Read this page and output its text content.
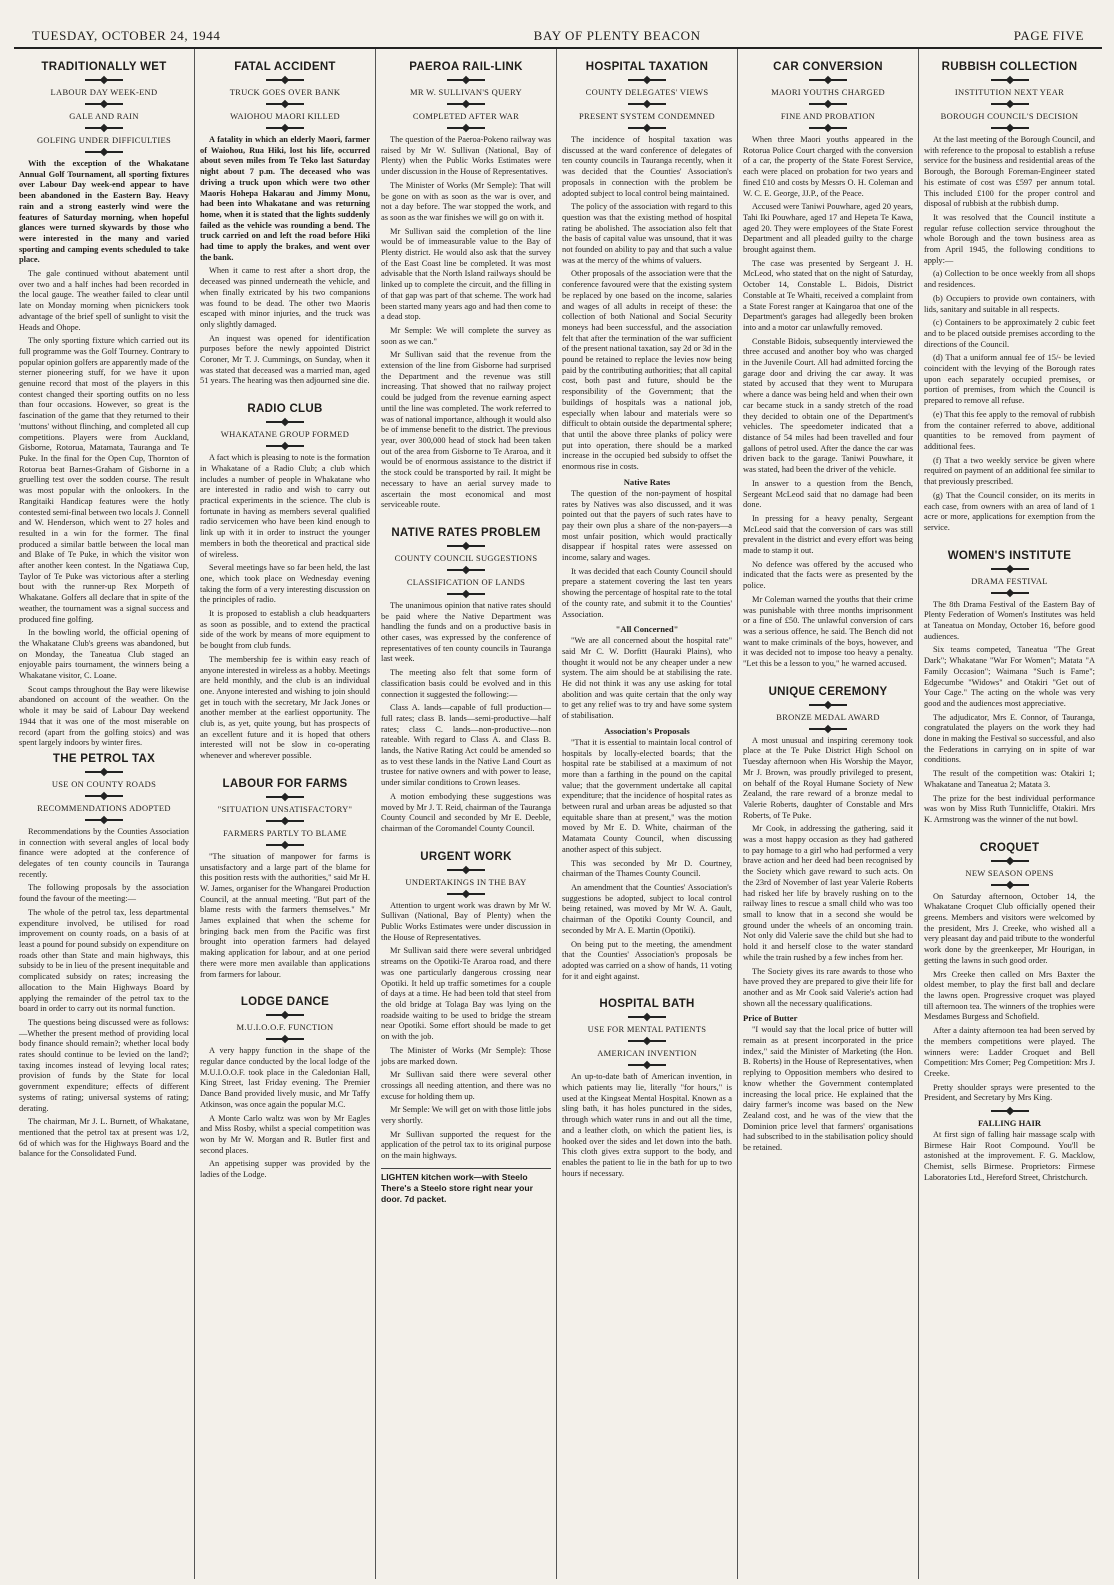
TUESDAY, OCTOBER 24, 1944	BAY OF PLENTY BEACON	PAGE FIVE
TRADITIONALLY WET
LABOUR DAY WEEK-END
GALE AND RAIN
GOLFING UNDER DIFFICULTIES

With the exception of the Whakatane Annual Golf Tournament, all sporting fixtures over Labour Day week-end appear to have been abandoned in the Eastern Bay. Heavy rain and a strong easterly wind were the features of Saturday morning, when hopeful glances were turned skywards by those who were interested in the many and varied sporting and camping events scheduled to take place.

The gale continued without abatement until over two and a half inches had been recorded in the local gauge. The weather failed to clear until late on Monday morning when picnickers took advantage of the brief spell of sunlight to visit the Heads and Ohope.

The only sporting fixture which carried out its full programme was the Golf Tourney. Contrary to popular opinion golfers are apparently made of the sterner pioneering stuff, for we have it upon genuine record that most of the players in this contest changed their sporting outfits on no less than four occasions. However, so great is the fascination of the game that they returned to their 'muttons' without flinching, and completed all cup competitions. Players were from Auckland, Gisborne, Rotorua, Matamata, Tauranga and Te Puke. In the final for the Open Cup, Thornton of Rotorua beat Barnes-Graham of Gisborne in a gruelling test over the sodden course. The result was most popular with the onlookers. In the Rangitaiki Handicap features were the hotly contested semi-final between two locals J. Connell and W. Henderson, which went to 27 holes and resulted in a win for the former. The final produced a similar battle between the local man and Blake of Te Puke, in which the visitor won after another keen contest. In the Ngatiawa Cup, Taylor of Te Puke was victorious after a sterling bout with the runner-up Rex Morpeth of Whakatane. Golfers all declare that in spite of the weather, the tournament was a signal success and produced fine golfing.

In the bowling world, the official opening of the Whakatane Club's greens was abandoned, but on Monday, the Taneatua Club staged an enjoyable pairs tournament, the winners being a Whakatane visitor, C. Loane.

Scout camps throughout the Bay were likewise abandoned on account of the weather. On the whole it may be said of Labour Day weekend 1944 that it was one of the most miserable on record (apart from the golfing stoics) and was spent largely indoors by winter fires.

THE PETROL TAX
USE ON COUNTY ROADS
RECOMMENDATIONS ADOPTED

Recommendations by the Counties Association in connection with several angles of local body finance were adopted at the conference of delegates of ten county councils in Tauranga recently.

The following proposals by the association found the favour of the meeting:—

The whole of the petrol tax, less departmental expenditure involved, be utilised for road improvement on county roads, on a basis of at least a pound for pound subsidy on expenditure on roads other than State and main highways, this subsidy to be in lieu of the present inequitable and complicated subsidy on rates; increasing the allocation to the Main Highways Board by applying the remainder of the petrol tax to the board in order to carry out its normal function.

The questions being discussed were as follows:—Whether the present method of providing local body finance should remain?; whether local body rates should continue to be levied on the land?; taxing incomes instead of levying local rates; provision of funds by the State for local government expenditure; effects of different systems of rating; universal systems of rating; derating.

The chairman, Mr J. L. Burnett, of Whakatane, mentioned that the petrol tax at present was 1/2, 6d of which was for the Highways Board and the balance for the Consolidated Fund.

FATAL ACCIDENT
TRUCK GOES OVER BANK
WAIOHOU MAORI KILLED

A fatality in which an elderly Maori, farmer of Waiohou, Rua Hiki, lost his life, occurred about seven miles from Te Teko last Saturday night about 7 p.m. The deceased who was driving a truck upon which were two other Maoris Hohepa Hakarau and Jimmy Monu, had been into Whakatane and was returning home, when it is stated that the lights suddenly failed as the vehicle was rounding a bend. The truck carried on and left the road before Hiki had time to apply the brakes, and went over the bank.

When it came to rest after a short drop, the deceased was pinned underneath the vehicle, and when finally extricated by his two companions was found to be dead. The other two Maoris escaped with minor injuries, and the truck was only slightly damaged.

An inquest was opened for identification purposes before the newly appointed District Coroner, Mr T. J. Cummings, on Sunday, when it was stated that deceased was a married man, aged 51 years. The hearing was then adjourned sine die.

RADIO CLUB
WHAKATANE GROUP FORMED

A fact which is pleasing to note is the formation in Whakatane of a Radio Club; a club which includes a number of people in Whakatane who are interested in radio and wish to carry out practical experiments in the science. The club is fortunate in having as members several qualified radio servicemen who have been kind enough to link up with it in order to instruct the younger members in both the theoretical and practical side of wireless.

Several meetings have so far been held, the last one, which took place on Wednesday evening taking the form of a very interesting discussion on the principles of radio.

It is proposed to establish a club headquarters as soon as possible, and to extend the practical side of the work by means of more equipment to be bought from club funds.

The membership fee is within easy reach of anyone interested in wireless as a hobby. Meetings are held monthly, and the club is an individual one. Anyone interested and wishing to join should get in touch with the secretary, Mr Jack Jones or another member at the earliest opportunity. The club is, as yet, quite young, but has prospects of an excellent future and it is hoped that others interested will not be slow in co-operating whenever and wherever possible.

LABOUR FOR FARMS
"SITUATION UNSATISFACTORY"
FARMERS PARTLY TO BLAME

"The situation of manpower for farms is unsatisfactory and a large part of the blame for this position rests with the authorities," said Mr H. W. James, organiser for the Whangarei Production Council, at the annual meeting. "But part of the blame rests with the farmers themselves." Mr James explained that when the scheme for bringing back men from the Pacific was first brought into operation farmers had delayed making application for labour, and at one period there were more men available than applications from farmers for labour.

LODGE DANCE
M.U.I.O.O.F. FUNCTION

A very happy function in the shape of the regular dance conducted by the local lodge of the M.U.I.O.O.F. took place in the Caledonian Hall, King Street, last Friday evening. The Premier Dance Band provided lively music, and Mr Taffy Atkinson, was once again the popular M.C.

A Monte Carlo waltz was won by Mr Eagles and Miss Rosby, whilst a special competition was won by Mr W. Morgan and R. Butler first and second places.

An appetising supper was provided by the ladies of the Lodge.

PAEROA RAIL-LINK
MR W. SULLIVAN'S QUERY
COMPLETED AFTER WAR

The question of the Paeroa-Pokeno railway was raised by Mr W. Sullivan (National, Bay of Plenty) when the Public Works Estimates were under discussion in the House of Representatives.

The Minister of Works (Mr Semple): That will be gone on with as soon as the war is over, and not a day before. The war stopped the work, and as soon as the war finishes we will go on with it.

Mr Sullivan said the completion of the line would be of immeasurable value to the Bay of Plenty district. He would also ask that the survey of the East Coast line be completed. It was most advisable that the North Island railways should be linked up to complete the circuit, and the filling in of that gap was part of that scheme. The work had been started many years ago and had then come to a dead stop.

Mr Semple: We will complete the survey as soon as we can."

Mr Sullivan said that the revenue from the extension of the line from Gisborne had surprised the Department and the revenue was still increasing. That showed that no railway project could be judged from the revenue earning aspect until the line was completed. The work referred to was of national importance, although it would also be of immense benefit to the district. The previous year, over 300,000 head of stock had been taken out of the area from Gisborne to Te Araroa, and it would be of enormous assistance to the district if the stock could be transported by rail. It might be necessary to have an aerial survey made to ascertain the most economical and most serviceable route.

NATIVE RATES PROBLEM
COUNTY COUNCIL SUGGESTIONS
CLASSIFICATION OF LANDS

The unanimous opinion that native rates should be paid where the Native Department was handling the funds and on a productive basis in other cases, was expressed by the conference of representatives of ten county councils in Tauranga last week.

The meeting also felt that some form of classification basis could be evolved and in this connection it suggested the following:—

Class A. lands—capable of full production—full rates; class B. lands—semi-productive—half rates; class C. lands—non-productive—non rateable. With regard to Class A. and Class B. lands, the Native Rating Act could be amended so as to vest these lands in the Native Land Court as trustee for native owners and with power to lease, under similar conditions to Crown leases.

A motion embodying these suggestions was moved by Mr J. T. Reid, chairman of the Tauranga County Council and seconded by Mr E. Deeble, chairman of the Coromandel County Council.

URGENT WORK
UNDERTAKINGS IN THE BAY

Attention to urgent work was drawn by Mr W. Sullivan (National, Bay of Plenty) when the Public Works Estimates were under discussion in the House of Representatives.

Mr Sullivan said there were several unbridged streams on the Opotiki-Te Araroa road, and there was one particularly dangerous crossing near Opotiki. It held up traffic sometimes for a couple of days at a time. He had been told that steel from the old bridge at Tolaga Bay was lying on the roadside waiting to be used to bridge the stream near Opotiki. Some effort should be made to get on with the job.

The Minister of Works (Mr Semple): Those jobs are marked down.

Mr Sullivan said there were several other crossings all needing attention, and there was no excuse for holding them up.

Mr Semple: We will get on with those little jobs very shortly.

Mr Sullivan supported the request for the application of the petrol tax to its original purpose on the main highways.

LIGHTEN kitchen work—with Steelo There's a Steelo store right near your door. 7d packet.
HOSPITAL TAXATION
COUNTY DELEGATES' VIEWS
PRESENT SYSTEM CONDEMNED

The incidence of hospital taxation was discussed at the ward conference of delegates of ten county councils in Tauranga recently, when it was decided that the Counties' Association's proposals in connection with the problem be adopted subject to local control being maintained.

The policy of the association with regard to this question was that the existing method of hospital rating be abolished. The association also felt that the basis of capital value was unsound, that it was not founded on ability to pay and that such a value was at the mercy of the whims of valuers.

Other proposals of the association were that the conference favoured were that the existing system be replaced by one based on the income, salaries and wages of all adults in receipt of these: the collection of both National and Social Security moneys had been successful, and the association felt that after the termination of the war sufficient of the present national taxation, say 2d or 3d in the pound be retained to replace the levies now being paid by the contributing authorities; that all capital cost, both past and future, should be the responsibility of the Government; that the buildings of hospitals was a national job, especially when labour and materials were so difficult to obtain outside the departmental sphere; that until the above three planks of policy were put into operation, there should be a marked increase in the occupied bed subsidy to offset the enormous rise in costs.

Native Rates

The question of the non-payment of hospital rates by Natives was also discussed, and it was pointed out that the payers of such rates have to pay their own plus a share of the non-payers—a most unfair position, which would practically disappear if hospital rates were assessed on income, salary and wages.

It was decided that each County Council should prepare a statement covering the last ten years showing the percentage of hospital rate to the total of the county rate, and submit it to the Counties' Association.

"All Concerned"

"We are all concerned about the hospital rate" said Mr C. W. Dorfitt (Hauraki Plains), who thought it would not be any cheaper under a new system. The aim should be at stabilising the rate. He did not think it was any use asking for total abolition and was quite certain that the only way to get any relief was to try and have some system of stabilisation.

Association's Proposals

"That it is essential to maintain local control of hospitals by locally-elected boards; that the hospital rate be stabilised at a maximum of not more than a farthing in the pound on the capital value; that the government undertake all capital expenditure; that the incidence of hospital rates as between rural and urban areas be adjusted so that equitable share than at present," was the motion moved by Mr E. D. White, chairman of the Matamata County Council, when discussing another aspect of this subject.

This was seconded by Mr D. Courtney, chairman of the Thames County Council.

An amendment that the Counties' Association's suggestions be adopted, subject to local control being retained, was moved by Mr W. A. Gault, chairman of the Opotiki County Council, and seconded by Mr A. E. Martin (Opotiki).

On being put to the meeting, the amendment that the Counties' Association's proposals be adopted was carried on a show of hands, 11 voting for it and eight against.

HOSPITAL BATH
USE FOR MENTAL PATIENTS
AMERICAN INVENTION

An up-to-date bath of American invention, in which patients may lie, literally "for hours," is used at the Kingseat Mental Hospital. Known as a sling bath, it has holes punctured in the sides, through which water runs in and out all the time, and a leather cloth, on which the patient lies, is hooked over the sides and let down into the bath. This cloth gives extra support to the body, and enables the patient to lie in the bath for up to two hours if necessary.

CAR CONVERSION
MAORI YOUTHS CHARGED
FINE AND PROBATION

When three Maori youths appeared in the Rotorua Police Court charged with the conversion of a car, the property of the State Forest Service, each were placed on probation for two years and fined £10 and costs by Messrs O. H. Coleman and W. C. E. George, JJ.P., of the Peace.

Accused were Taniwi Pouwhare, aged 20 years, Tahi Iki Pouwhare, aged 17 and Hepeta Te Kawa, aged 20. They were employees of the State Forest Department and all pleaded guilty to the charge brought against them.

The case was presented by Sergeant J. H. McLeod, who stated that on the night of Saturday, October 14, Constable L. Bidois, District Constable at Te Whaiti, received a complaint from a State Forest ranger at Kaingaroa that one of the Department's garages had allegedly been broken into and a motor car unlawfully removed.

Constable Bidois, subsequently interviewed the three accused and another boy who was charged in the Juvenile Court. All had admitted forcing the garage door and driving the car away. It was stated by accused that they went to Murupara where a dance was being held and when their own car became stuck in a sandy stretch of the road they decided to obtain one of the Department's vehicles. The speedometer indicated that a distance of 54 miles had been travelled and four gallons of petrol used. After the dance the car was driven back to the garage. Taniwi Pouwhare, it was stated, had been the driver of the vehicle.

In answer to a question from the Bench, Sergeant McLeod said that no damage had been done.

In pressing for a heavy penalty, Sergeant McLeod said that the conversion of cars was still prevalent in the district and every effort was being made to stamp it out.

No defence was offered by the accused who indicated that the facts were as presented by the police.

Mr Coleman warned the youths that their crime was punishable with three months imprisonment or a fine of £50. The unlawful conversion of cars was a serious offence, he said. The Bench did not want to make criminals of the boys, however, and it was decided not to impose too heavy a penalty. "Let this be a lesson to you," he warned accused.

UNIQUE CEREMONY
BRONZE MEDAL AWARD

A most unusual and inspiring ceremony took place at the Te Puke District High School on Tuesday afternoon when His Worship the Mayor, Mr J. Brown, was proudly privileged to present, on behalf of the Royal Humane Society of New Zealand, the rare reward of a bronze medal to Valerie Roberts, daughter of Constable and Mrs Roberts, of Te Puke.

Mr Cook, in addressing the gathering, said it was a most happy occasion as they had gathered to pay homage to a girl who had performed a very brave action and her deed had been recognised by the Society which gave reward to such acts. On the 23rd of November of last year Valerie Roberts had risked her life by bravely rushing on to the railway lines to rescue a small child who was too small to know that in a second she would be ground under the wheels of an oncoming train. Not only did Valerie save the child but she had to hold it and herself close to the water standard while the train rushed by a few inches from her.

The Society gives its rare awards to those who have proved they are prepared to give their life for another and as Mr Cook said Valerie's action had shown all the necessary qualifications.

Price of Butter

"I would say that the local price of butter will remain as at present incorporated in the price index," said the Minister of Marketing (the Hon. B. Roberts) in the House of Representatives, when replying to Opposition members who desired to know whether the Government contemplated increasing the local price. He explained that the dairy farmer's income was based on the New Zealand cost, and he was of the view that the Dominion price level that farmers' organisations had subscribed to in the stabilisation policy should be retained.

RUBBISH COLLECTION
INSTITUTION NEXT YEAR
BOROUGH COUNCIL'S DECISION

At the last meeting of the Borough Council, and with reference to the proposal to establish a refuse service for the business and residential areas of the Borough, the Borough Foreman-Engineer stated his estimate of cost was £597 per annum total. This included £100 for the proper control and disposal of rubbish at the rubbish dump.

It was resolved that the Council institute a regular refuse collection service throughout the whole Borough and the town business area as from April 1945, the following conditions to apply:—

(a) Collection to be once weekly from all shops and residences.

(b) Occupiers to provide own containers, with lids, sanitary and suitable in all respects.

(c) Containers to be approximately 2 cubic feet and to be placed outside premises according to the directions of the Council.

(d) That a uniform annual fee of 15/- be levied coincident with the levying of the Borough rates upon each separately occupied premises, or portion of premises, from which the Council is prepared to remove all refuse.

(e) That this fee apply to the removal of rubbish from the container referred to above, additional quantities to be removed from payment of additional fees.

(f) That a two weekly service be given where required on payment of an additional fee similar to that previously prescribed.

(g) That the Council consider, on its merits in each case, from owners with an area of land of 1 acre or more, applications for exemption from the service.

WOMEN'S INSTITUTE
DRAMA FESTIVAL

The 8th Drama Festival of the Eastern Bay of Plenty Federation of Women's Institutes was held at Taneatua on Monday, October 16, before good audiences.

Six teams competed, Taneatua "The Great Dark"; Whakatane "War For Women"; Matata "A Family Occasion"; Waimana "Such is Fame"; Edgecumbe "Widows" and Otakiri "Get out of Your Cage." The acting on the whole was very good and the audiences most appreciative.

The adjudicator, Mrs E. Connor, of Tauranga, congratulated the players on the work they had done in making the Festival so successful, and also the Federations in carrying on in spite of war conditions.

The result of the competition was: Otakiri 1; Whakatane and Taneatua 2; Matata 3.

The prize for the best individual performance was won by Miss Ruth Tunnicliffe, Otakiri. Mrs K. Armstrong was the winner of the nut bowl.

CROQUET
NEW SEASON OPENS

On Saturday afternoon, October 14, the Whakatane Croquet Club officially opened their greens. Members and visitors were welcomed by the president, Mrs J. Creeke, who wished all a very pleasant day and paid tribute to the wonderful work done by the greenkeeper, Mr Hourigan, in getting the lawns in such good order.

Mrs Creeke then called on Mrs Baxter the oldest member, to play the first ball and declare the lawns open. Progressive croquet was played till afternoon tea. The winners of the trophies were Mesdames Burgess and Schofield.

After a dainty afternoon tea had been served by the members competitions were played. The winners were: Ladder Croquet and Bell Competition: Mrs Comer; Peg Competition: Mrs J. Creeke.

Pretty shoulder sprays were presented to the President, and Secretary by Mrs King.

FALLING HAIR

At first sign of falling hair massage scalp with Birmese Hair Root Compound. You'll be astonished at the improvement. F. G. Macklow, Chemist, sells Birmese. Proprietors: Firmese Laboratories Ltd., Hereford Street, Christchurch.
